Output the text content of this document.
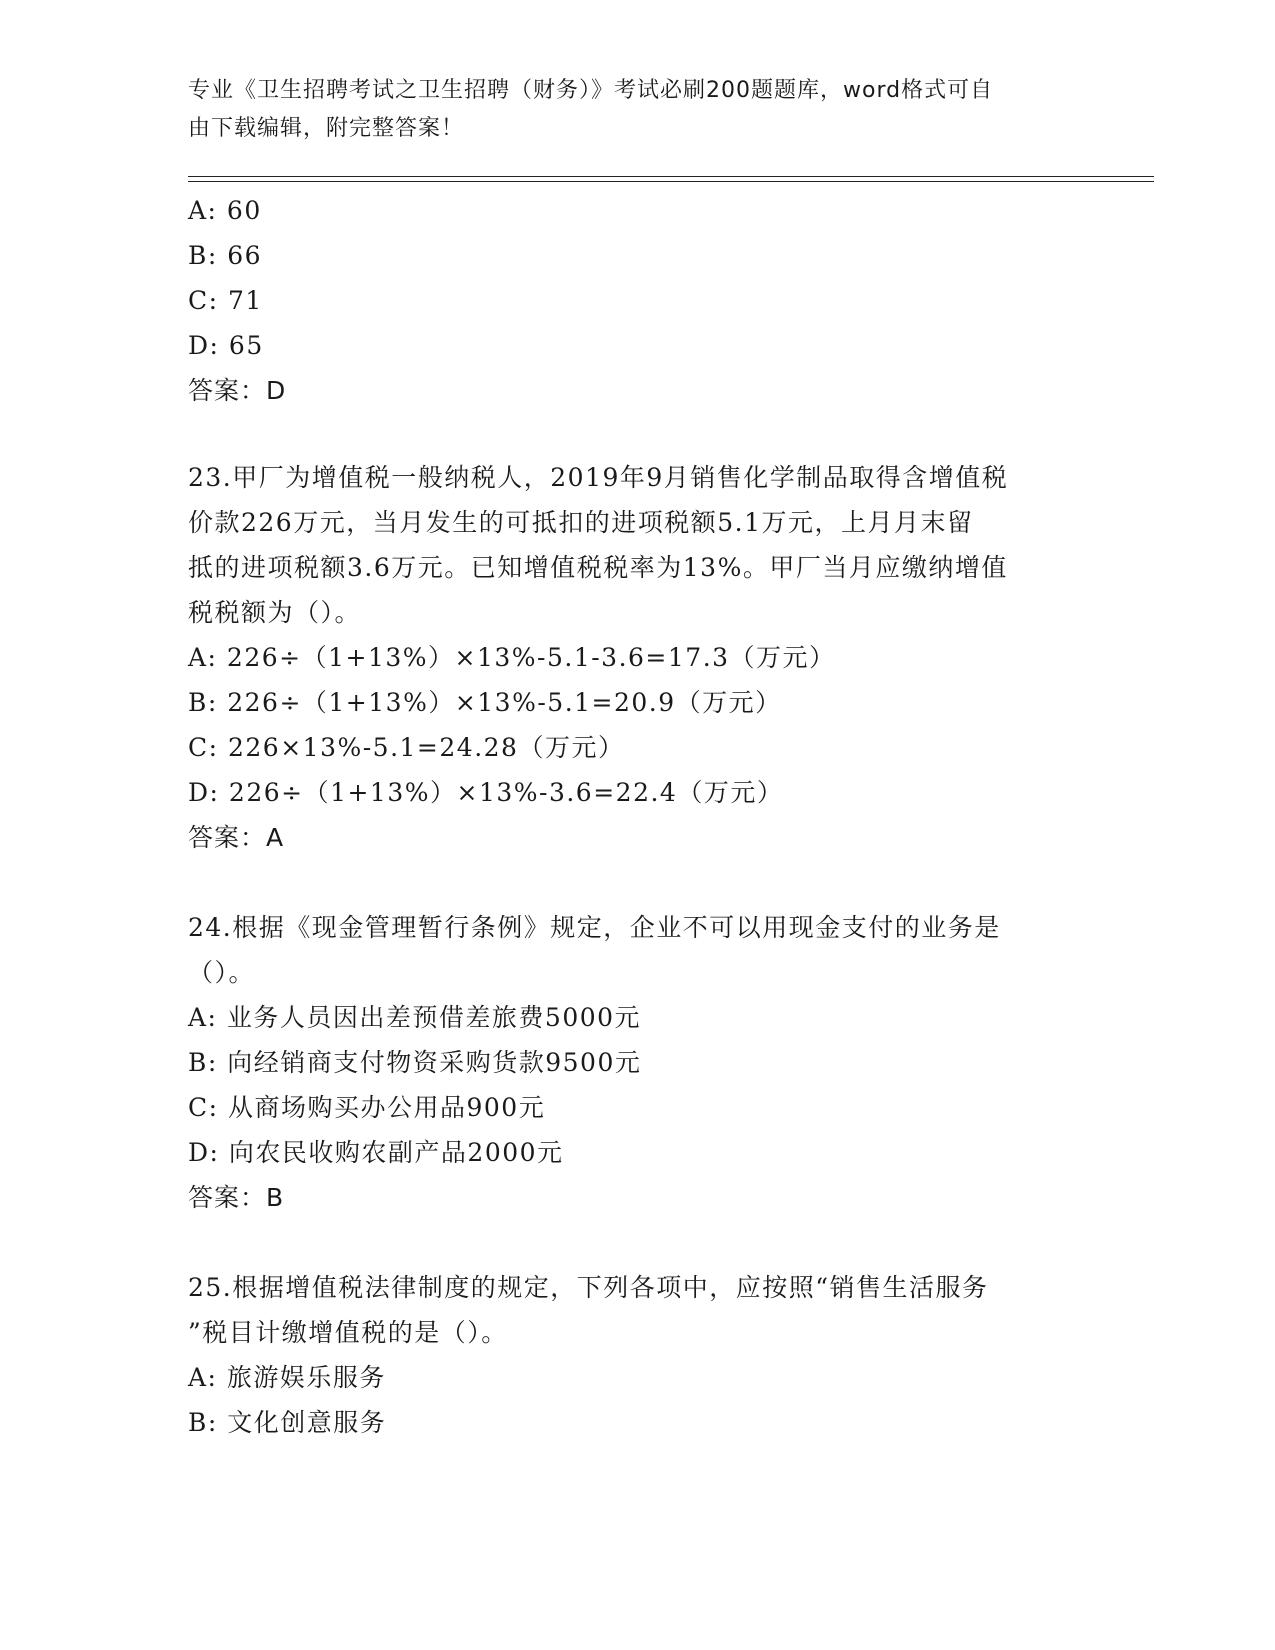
专业《卫生招聘考试之卫生招聘（财务）》考试必刷200题题库，word格式可自
由下载编辑，附完整答案！
A: 60
B: 66
C: 71
D: 65
答案：D
23.甲厂为增值税一般纳税人，2019年9月销售化学制品取得含增值税
价款226万元，当月发生的可抵扣的进项税额5.1万元，上月月末留
抵的进项税额3.6万元。已知增值税税率为13%。甲厂当月应缴纳增值
税税额为（）。
A: 226÷（1+13%）×13%-5.1-3.6=17.3（万元）
B: 226÷（1+13%）×13%-5.1=20.9（万元）
C: 226×13%-5.1=24.28（万元）
D: 226÷（1+13%）×13%-3.6=22.4（万元）
答案：A
24.根据《现金管理暂行条例》规定，企业不可以用现金支付的业务是
（）。
A: 业务人员因出差预借差旅费5000元
B: 向经销商支付物资采购货款9500元
C: 从商场购买办公用品900元
D: 向农民收购农副产品2000元
答案：B
25.根据增值税法律制度的规定，下列各项中，应按照“销售生活服务
”税目计缴增值税的是（）。
A: 旅游娱乐服务
B: 文化创意服务
